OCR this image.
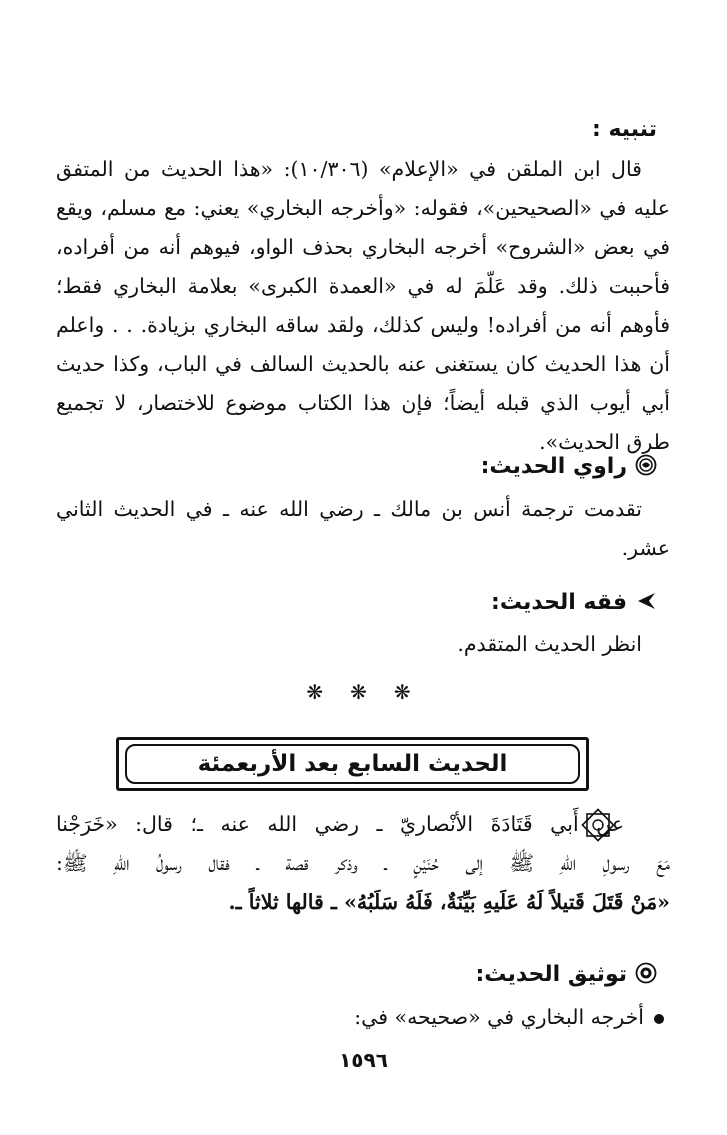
تنبيه :
قال ابن الملقن في «الإعلام» (١٠/٣٠٦): «هذا الحديث من المتفق
عليه في «الصحيحين»، فقوله: «وأخرجه البخاري» يعني: مع مسلم، ويقع
في بعض «الشروح» أخرجه البخاري بحذف الواو، فيوهم أنه من أفراده،
فأحببت ذلك. وقد عَلّمَ له في «العمدة الكبرى» بعلامة البخاري فقط؛
فأوهم أنه من أفراده! وليس كذلك، ولقد ساقه البخاري بزيادة. . . واعلم
أن هذا الحديث كان يستغنى عنه بالحديث السالف في الباب، وكذا حديث
أبي أيوب الذي قبله أيضاً؛ فإن هذا الكتاب موضوع للاختصار، لا تجميع
طرق الحديث».
راوي الحديث:
تقدمت ترجمة أنس بن مالك ـ رضي الله عنه ـ في الحديث الثاني
عشر.
فقه الحديث:
انظر الحديث المتقدم.
❋ ❋ ❋
الحديث السابع بعد الأربعمئة
عن أَبي قَتَادَةَ الأنْصاريّ ـ رضي الله عنه ـ؛ قال: «خَرَجْنا
مَعَ رسولِ اللّهِ ﷺ إلى حُنَيْنٍ ـ وذكر قصة ـ فقال رسولُ اللّهِ ﷺ:
«مَنْ قَتَلَ قَتيلاً لَهُ عَلَيهِ بَيِّنَةٌ، فَلَهُ سَلَبُهُ» ـ قالها ثلاثاً ـ.
توثيق الحديث:
أخرجه البخاري في «صحيحه» في:
١٥٩٦
